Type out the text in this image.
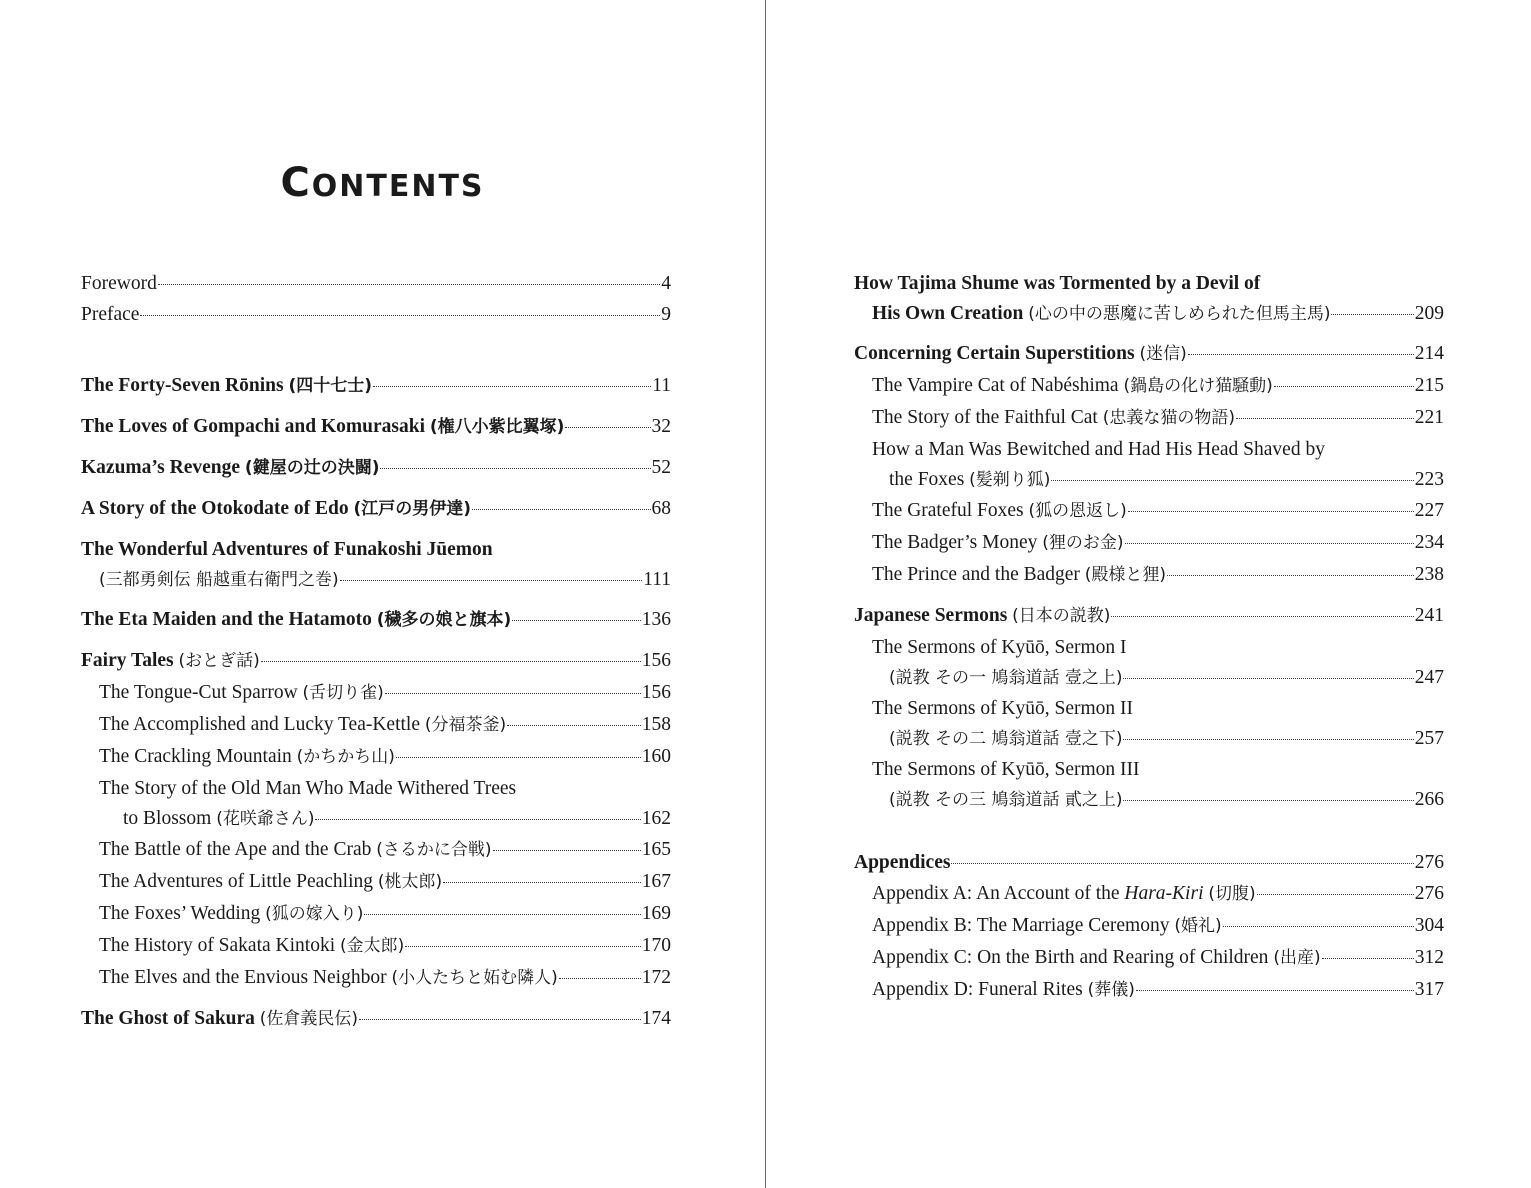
CONTENTS
Foreword	4
Preface	9
The Forty-Seven Rōnins (四十七士)	11
The Loves of Gompachi and Komurasaki (権八小紫比翼塚)	32
Kazuma’s Revenge (鍵屋の辻の決闘)	52
A Story of the Otokodate of Edo (江戸の男伊達)	68
The Wonderful Adventures of Funakoshi Jūemon
(三都勇剣伝 船越重右衛門之巻)	111
The Eta Maiden and the Hatamoto (穢多の娘と旗本)	136
Fairy Tales (おとぎ話)	156
The Tongue-Cut Sparrow (舌切り雀)	156
The Accomplished and Lucky Tea-Kettle (分福茶釜)	158
The Crackling Mountain (かちかち山)	160
The Story of the Old Man Who Made Withered Trees
to Blossom (花咲爺さん)	162
The Battle of the Ape and the Crab (さるかに合戦)	165
The Adventures of Little Peachling (桃太郎)	167
The Foxes’ Wedding (狐の嫁入り)	169
The History of Sakata Kintoki (金太郎)	170
The Elves and the Envious Neighbor (小人たちと妬む隣人)	172
The Ghost of Sakura (佐倉義民伝)	174
How Tajima Shume was Tormented by a Devil of
His Own Creation (心の中の悪魔に苦しめられた但馬主馬)	209
Concerning Certain Superstitions (迷信)	214
The Vampire Cat of Nabéshima (鍋島の化け猫騒動)	215
The Story of the Faithful Cat (忠義な猫の物語)	221
How a Man Was Bewitched and Had His Head Shaved by
the Foxes (髪剃り狐)	223
The Grateful Foxes (狐の恩返し)	227
The Badger’s Money (狸のお金)	234
The Prince and the Badger (殿様と狸)	238
Japanese Sermons (日本の説教)	241
The Sermons of Kyūō, Sermon I
(説教 その一 鳩翁道話 壹之上)	247
The Sermons of Kyūō, Sermon II
(説教 その二 鳩翁道話 壹之下)	257
The Sermons of Kyūō, Sermon III
(説教 その三 鳩翁道話 貳之上)	266
Appendices	276
Appendix A: An Account of the Hara-Kiri (切腹)	276
Appendix B: The Marriage Ceremony (婚礼)	304
Appendix C: On the Birth and Rearing of Children (出産)	312
Appendix D: Funeral Rites (葬儀)	317
